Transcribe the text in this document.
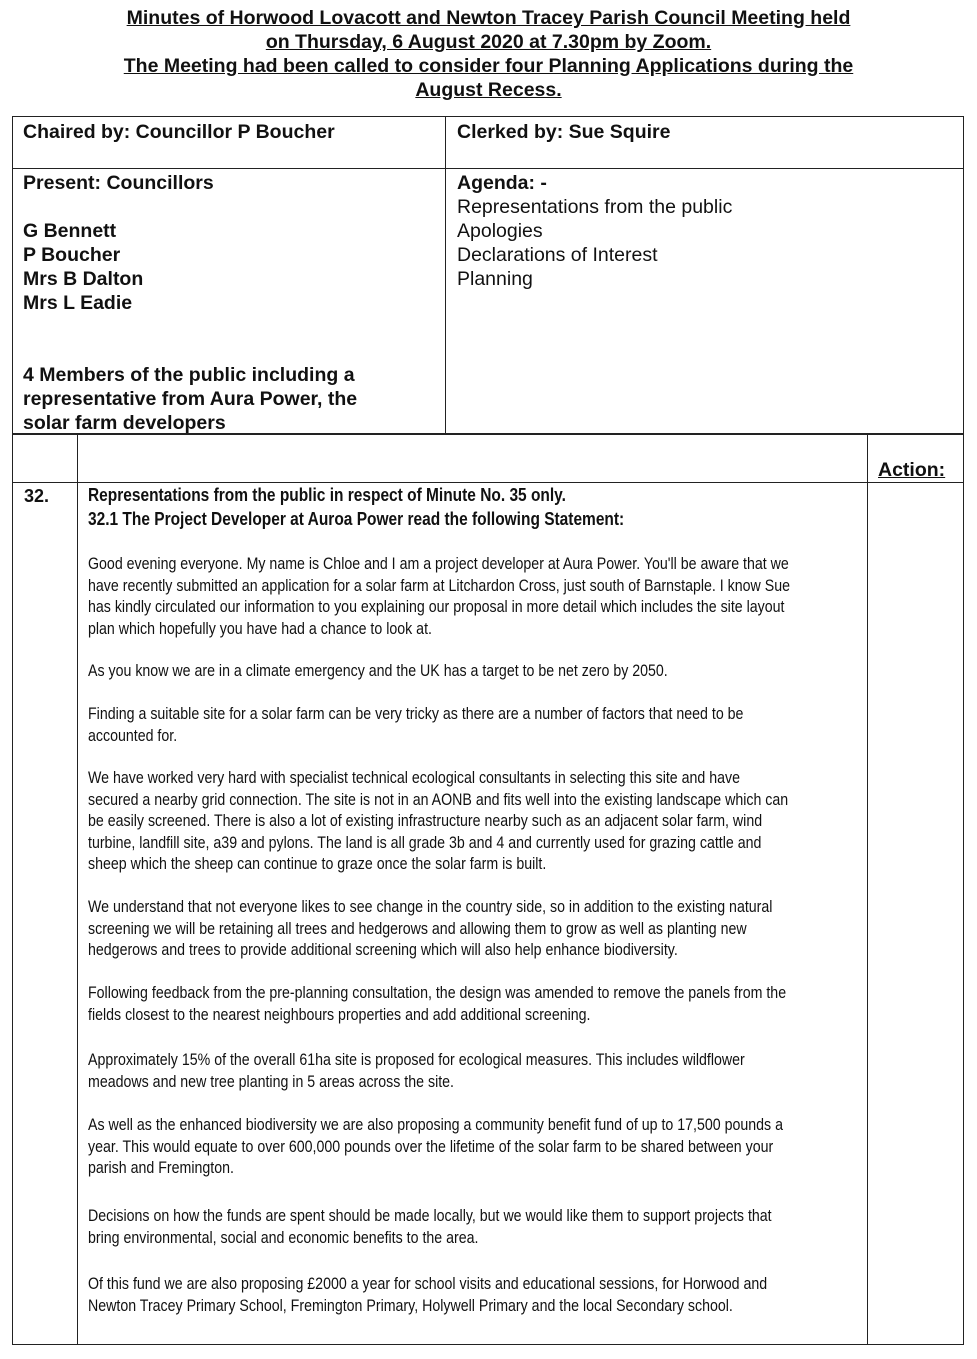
Minutes of Horwood Lovacott and Newton Tracey Parish Council Meeting held
on Thursday, 6 August 2020 at 7.30pm by Zoom.
The Meeting had been called to consider four Planning Applications during the
August Recess.
Chaired by: Councillor P Boucher	Clerked by: Sue Squire
Present: Councillors
G Bennett
P Boucher
Mrs B Dalton
Mrs L Eadie
4 Members of the public including a
representative from Aura Power, the
solar farm developers
Agenda: -
Representations from the public
Apologies
Declarations of Interest
Planning
Action:
32. Representations from the public in respect of Minute No. 35 only.
32.1 The Project Developer at Auroa Power read the following Statement:
Good evening everyone. My name is Chloe and I am a project developer at Aura Power. You'll be aware that we
have recently submitted an application for a solar farm at Litchardon Cross, just south of Barnstaple. I know Sue
has kindly circulated our information to you explaining our proposal in more detail which includes the site layout
plan which hopefully you have had a chance to look at.
As you know we are in a climate emergency and the UK has a target to be net zero by 2050.
Finding a suitable site for a solar farm can be very tricky as there are a number of factors that need to be
accounted for.
We have worked very hard with specialist technical ecological consultants in selecting this site and have
secured a nearby grid connection. The site is not in an AONB and fits well into the existing landscape which can
be easily screened. There is also a lot of existing infrastructure nearby such as an adjacent solar farm, wind
turbine, landfill site, a39 and pylons. The land is all grade 3b and 4 and currently used for grazing cattle and
sheep which the sheep can continue to graze once the solar farm is built.
We understand that not everyone likes to see change in the country side, so in addition to the existing natural
screening we will be retaining all trees and hedgerows and allowing them to grow as well as planting new
hedgerows and trees to provide additional screening which will also help enhance biodiversity.
Following feedback from the pre-planning consultation, the design was amended to remove the panels from the
fields closest to the nearest neighbours properties and add additional screening.
Approximately 15% of the overall 61ha site is proposed for ecological measures. This includes wildflower
meadows and new tree planting in 5 areas across the site.
As well as the enhanced biodiversity we are also proposing a community benefit fund of up to 17,500 pounds a
year. This would equate to over 600,000 pounds over the lifetime of the solar farm to be shared between your
parish and Fremington.
Decisions on how the funds are spent should be made locally, but we would like them to support projects that
bring environmental, social and economic benefits to the area.
Of this fund we are also proposing £2000 a year for school visits and educational sessions, for Horwood and
Newton Tracey Primary School, Fremington Primary, Holywell Primary and the local Secondary school.
